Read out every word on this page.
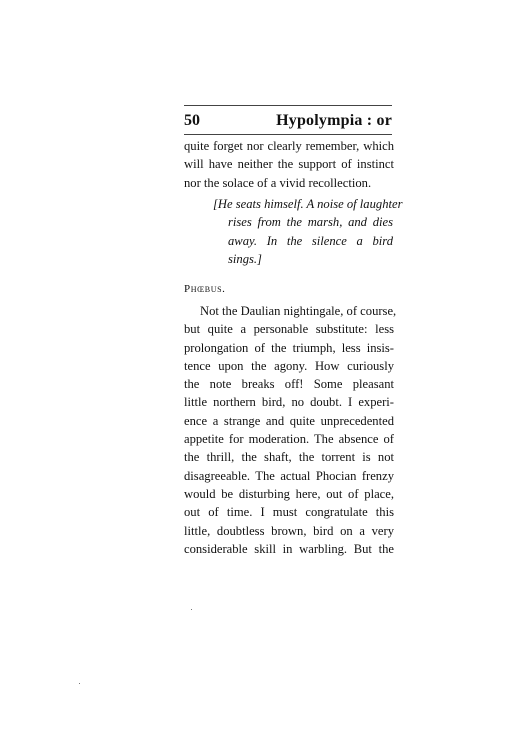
50	Hypolympia : or
quite forget nor clearly remember, which
will have neither the support of instinct
nor the solace of a vivid recollection.
[He seats himself. A noise of laughter
rises from the marsh, and dies
away. In the silence a bird
sings.]
Phœbus.
Not the Daulian nightingale, of course,
but quite a personable substitute: less
prolongation of the triumph, less insis-
tence upon the agony. How curiously
the note breaks off! Some pleasant
little northern bird, no doubt. I experi-
ence a strange and quite unprecedented
appetite for moderation. The absence of
the thrill, the shaft, the torrent is not
disagreeable. The actual Phocian frenzy
would be disturbing here, out of place,
out of time. I must congratulate this
little, doubtless brown, bird on a very
considerable skill in warbling. But the
